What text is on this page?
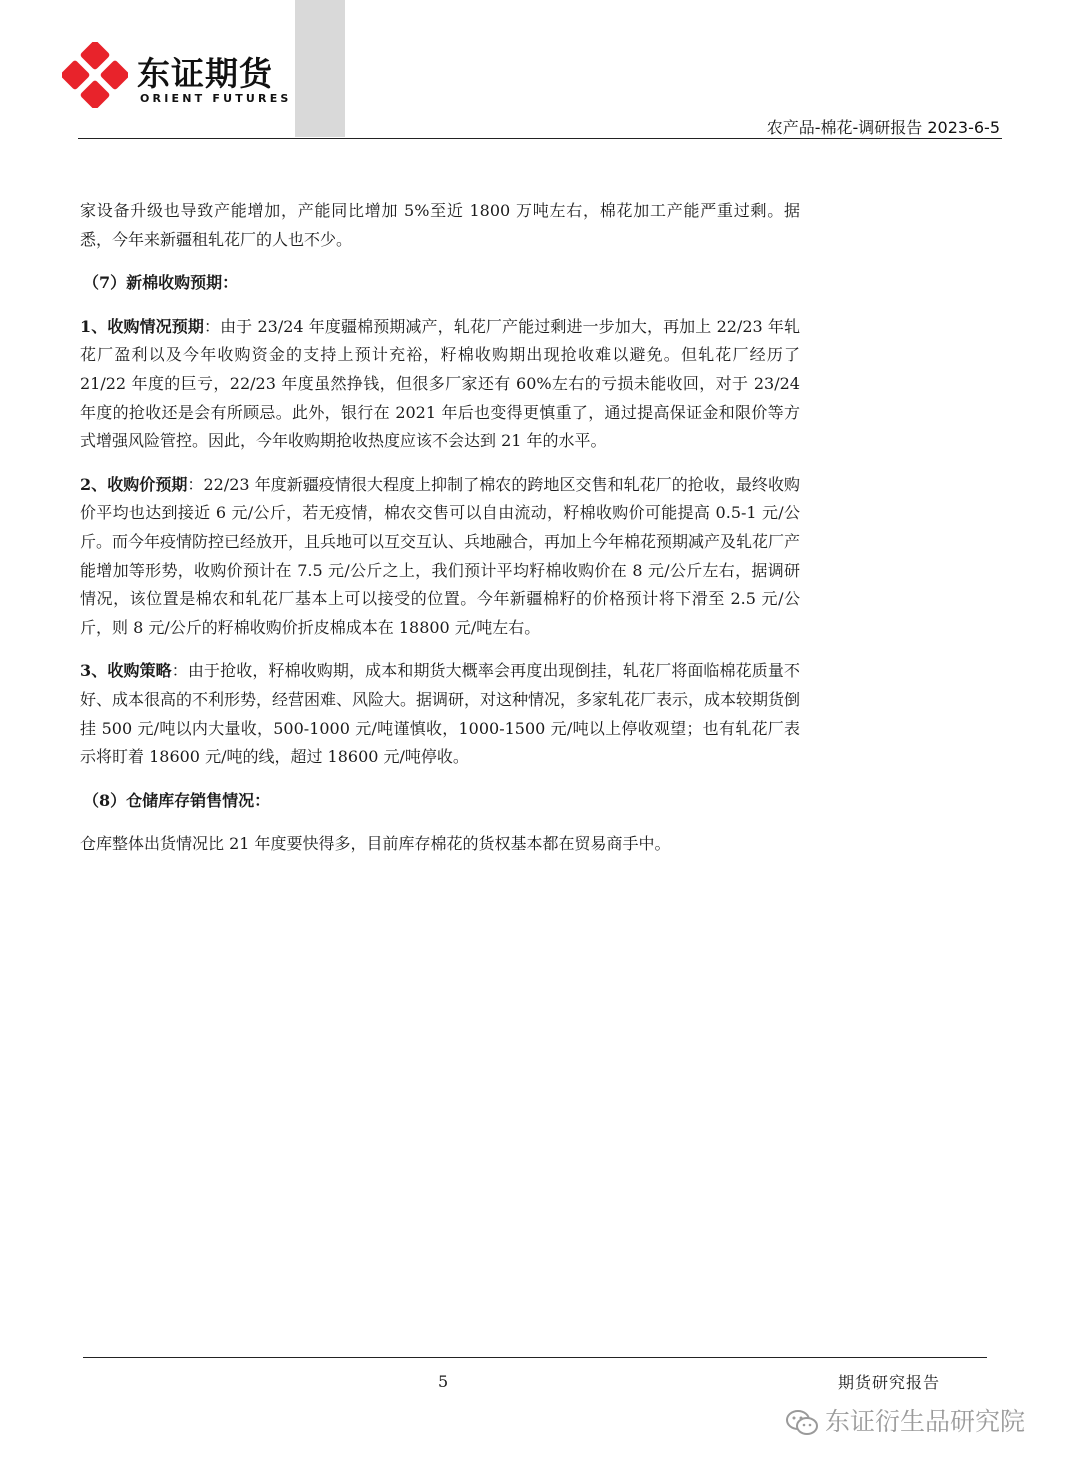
东证期货
ORIENT FUTURES
农产品-棉花-调研报告 2023-6-5

家设备升级也导致产能增加，产能同比增加 5%至近 1800 万吨左右，棉花加工产能严重过剩。据悉，今年来新疆租轧花厂的人也不少。

（7）新棉收购预期：

1、收购情况预期：由于 23/24 年度疆棉预期减产，轧花厂产能过剩进一步加大，再加上 22/23 年轧花厂盈利以及今年收购资金的支持上预计充裕，籽棉收购期出现抢收难以避免。但轧花厂经历了 21/22 年度的巨亏，22/23 年度虽然挣钱，但很多厂家还有 60%左右的亏损未能收回，对于 23/24 年度的抢收还是会有所顾忌。此外，银行在 2021 年后也变得更慎重了，通过提高保证金和限价等方式增强风险管控。因此，今年收购期抢收热度应该不会达到 21 年的水平。

2、收购价预期：22/23 年度新疆疫情很大程度上抑制了棉农的跨地区交售和轧花厂的抢收，最终收购价平均也达到接近 6 元/公斤，若无疫情，棉农交售可以自由流动，籽棉收购价可能提高 0.5-1 元/公斤。而今年疫情防控已经放开，且兵地可以互交互认、兵地融合，再加上今年棉花预期减产及轧花厂产能增加等形势，收购价预计在 7.5 元/公斤之上，我们预计平均籽棉收购价在 8 元/公斤左右，据调研情况，该位置是棉农和轧花厂基本上可以接受的位置。今年新疆棉籽的价格预计将下滑至 2.5 元/公斤，则 8 元/公斤的籽棉收购价折皮棉成本在 18800 元/吨左右。

3、收购策略：由于抢收，籽棉收购期，成本和期货大概率会再度出现倒挂，轧花厂将面临棉花质量不好、成本很高的不利形势，经营困难、风险大。据调研，对这种情况，多家轧花厂表示，成本较期货倒挂 500 元/吨以内大量收，500-1000 元/吨谨慎收，1000-1500 元/吨以上停收观望；也有轧花厂表示将盯着 18600 元/吨的线，超过 18600 元/吨停收。

（8）仓储库存销售情况：

仓库整体出货情况比 21 年度要快得多，目前库存棉花的货权基本都在贸易商手中。

5	期货研究报告
东证衍生品研究院
